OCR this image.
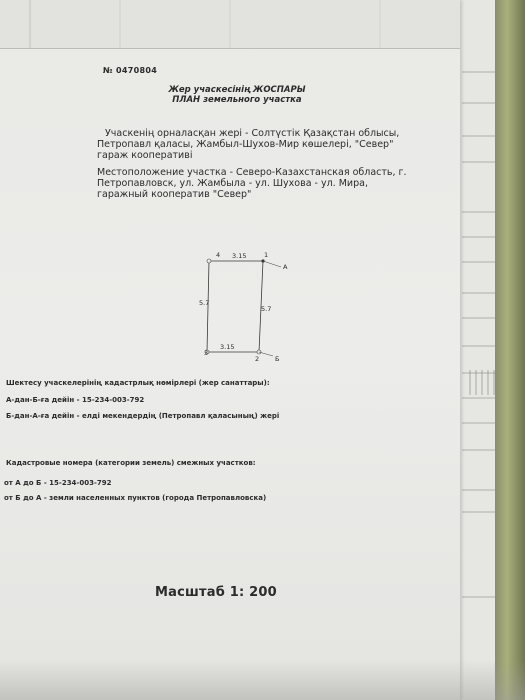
№ 0470804
Жер учаскесінің ЖОСПАРЫ
ПЛАН земельного участка
Учаскенің орналасқан жері - Солтүстік Қазақстан облысы,
Петропавл қаласы, Жамбыл-Шухов-Мир көшелері, "Север"
гараж кооперативі
Местоположение участка - Северо-Казахстанская область, г.
Петропавловск, ул. Жамбыла - ул. Шухова - ул. Мира,
гаражный кооператив "Север"
3.15
3.15
5.7
5.7
4	1
2
3
А
Б
Шектесу учаскелерінің кадастрлық нөмірлері (жер санаттары):
А-дан-Б-ға дейін - 15-234-003-792
Б-дан-А-ға дейін - елді мекендердің (Петропавл қаласының) жері
Кадастровые номера (категории земель) смежных участков:
от А до Б - 15-234-003-792
от Б до А - земли населенных пунктов (города Петропавловска)
Масштаб 1: 200
